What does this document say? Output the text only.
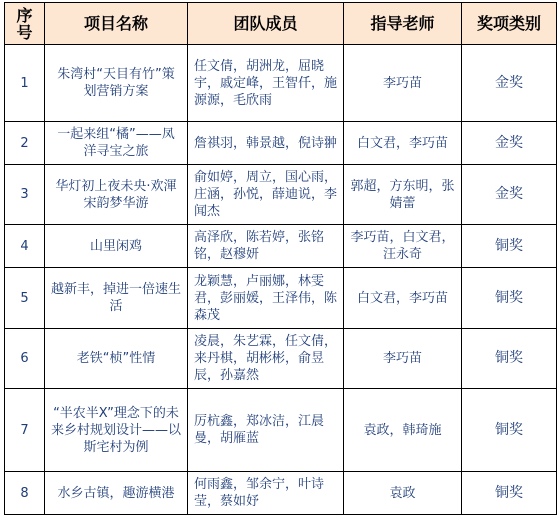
序号	项目名称	团队成员	指导老师	奖项类别
1	朱湾村“天目有竹”策划营销方案	任文倩，胡洲龙，屈晓宇，戚定峰，王智仟，施源源，毛欣雨	李巧苗	金奖
2	一起来组“橘”——凤洋寻宝之旅	詹祺羽，韩景越，倪诗翀	白文君，李巧苗	金奖
3	华灯初上夜未央·欢渾宋韵梦华游	俞如婷，周立，国心雨，庄涵，孙悦，薛迪说，李闻杰	郭超，方东明，张婧蕾	金奖
4	山里闲鸡	高泽欣，陈若婷，张铭铭，赵穆妍	李巧苗，白文君，汪永奇	铜奖
5	越新丰，掉进一倍速生活	龙颖慧，卢丽娜，林雯君，彭丽媛，王泽伟，陈森茂	白文君，李巧苗	铜奖
6	老铁“桢”性情	凌晨，朱艺霖，任文倩，来丹棋，胡彬彬，俞昱辰，孙嘉然	李巧苗	铜奖
7	“半农半X”理念下的未来乡村规划设计——以斯宅村为例	厉杭鑫，郑冰洁，江晨曼，胡雁蓝	袁政，韩琦施	铜奖
8	水乡古镇，趣游横港	何雨鑫，邹余宁，叶诗莹，蔡如妤	袁政	铜奖
